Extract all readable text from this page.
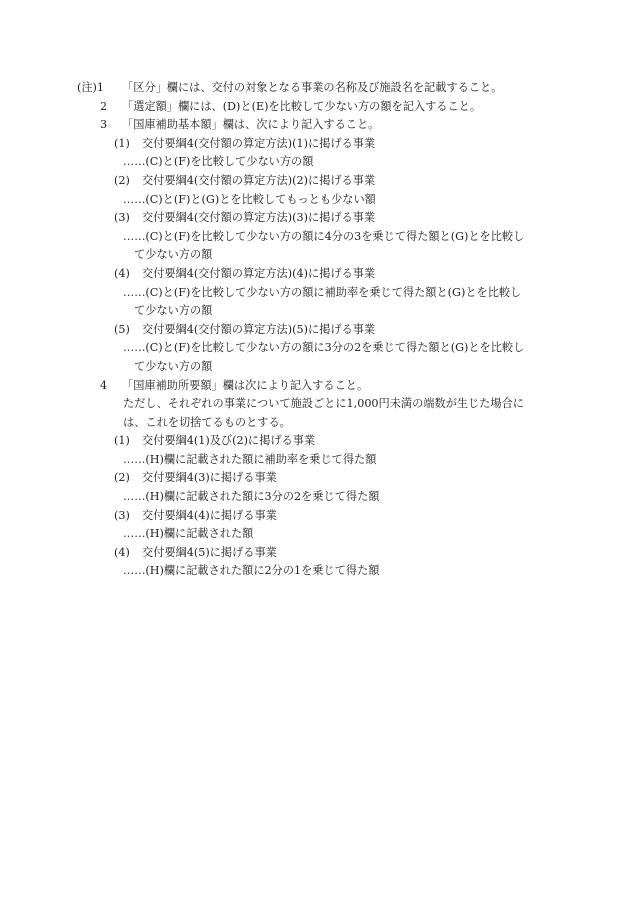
(注)1 「区分」欄には、交付の対象となる事業の名称及び施設名を記載すること。
2 「選定額」欄には、(D)と(E)を比較して少ない方の額を記入すること。
3 「国庫補助基本額」欄は、次により記入すること。
(1) 交付要綱4(交付額の算定方法)(1)に掲げる事業
……(C)と(F)を比較して少ない方の額
(2) 交付要綱4(交付額の算定方法)(2)に掲げる事業
……(C)と(F)と(G)とを比較してもっとも少ない額
(3) 交付要綱4(交付額の算定方法)(3)に掲げる事業
……(C)と(F)を比較して少ない方の額に4分の3を乗じて得た額と(G)とを比較し
て少ない方の額
(4) 交付要綱4(交付額の算定方法)(4)に掲げる事業
……(C)と(F)を比較して少ない方の額に補助率を乗じて得た額と(G)とを比較し
て少ない方の額
(5) 交付要綱4(交付額の算定方法)(5)に掲げる事業
……(C)と(F)を比較して少ない方の額に3分の2を乗じて得た額と(G)とを比較し
て少ない方の額
4 「国庫補助所要額」欄は次により記入すること。
ただし、それぞれの事業について施設ごとに1,000円未満の端数が生じた場合に
は、これを切捨てるものとする。
(1) 交付要綱4(1)及び(2)に掲げる事業
……(H)欄に記載された額に補助率を乗じて得た額
(2) 交付要綱4(3)に掲げる事業
……(H)欄に記載された額に3分の2を乗じて得た額
(3) 交付要綱4(4)に掲げる事業
……(H)欄に記載された額
(4) 交付要綱4(5)に掲げる事業
……(H)欄に記載された額に2分の1を乗じて得た額
